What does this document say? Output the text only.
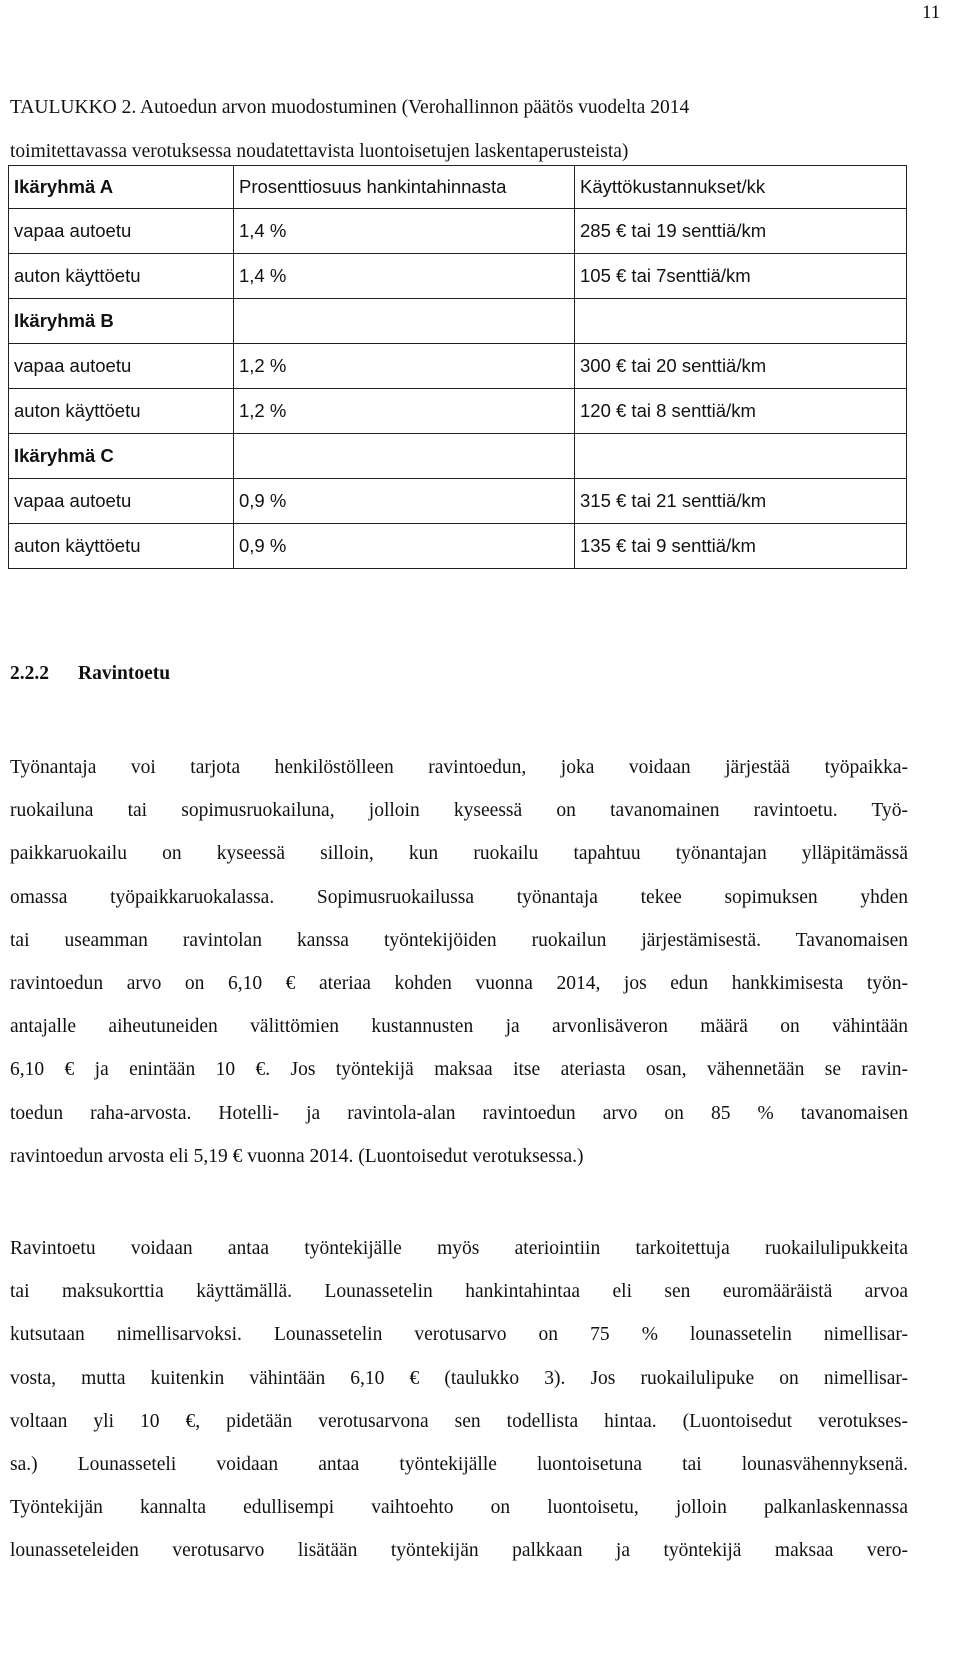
11
TAULUKKO 2. Autoedun arvon muodostuminen (Verohallinnon päätös vuodelta 2014
toimitettavassa verotuksessa noudatettavista luontoisetujen laskentaperusteista)
Ikäryhmä A	Prosenttiosuus hankintahinnasta	Käyttökustannukset/kk
vapaa autoetu	1,4 %	285 € tai 19 senttiä/km
auton käyttöetu	1,4 %	105 € tai 7senttiä/km
Ikäryhmä B		
vapaa autoetu	1,2 %	300 € tai 20 senttiä/km
auton käyttöetu	1,2 %	120 € tai 8 senttiä/km
Ikäryhmä C		
vapaa autoetu	0,9 %	315 € tai 21 senttiä/km
auton käyttöetu	0,9 %	135 € tai 9 senttiä/km
2.2.2 Ravintoetu
Työnantaja voi tarjota henkilöstölleen ravintoedun, joka voidaan järjestää työpaikka-
ruokailuna tai sopimusruokailuna, jolloin kyseessä on tavanomainen ravintoetu. Työ-
paikkaruokailu on kyseessä silloin, kun ruokailu tapahtuu työnantajan ylläpitämässä
omassa työpaikkaruokalassa. Sopimusruokailussa työnantaja tekee sopimuksen yhden
tai useamman ravintolan kanssa työntekijöiden ruokailun järjestämisestä. Tavanomaisen
ravintoedun arvo on 6,10 € ateriaa kohden vuonna 2014, jos edun hankkimisesta työn-
antajalle aiheutuneiden välittömien kustannusten ja arvonlisäveron määrä on vähintään
6,10 € ja enintään 10 €. Jos työntekijä maksaa itse ateriasta osan, vähennetään se ravin-
toedun raha-arvosta. Hotelli- ja ravintola-alan ravintoedun arvo on 85 % tavanomaisen
ravintoedun arvosta eli 5,19 € vuonna 2014. (Luontoisedut verotuksessa.)
Ravintoetu voidaan antaa työntekijälle myös ateriointiin tarkoitettuja ruokailulipukkeita
tai maksukorttia käyttämällä. Lounassetelin hankintahintaa eli sen euromääräistä arvoa
kutsutaan nimellisarvoksi. Lounassetelin verotusarvo on 75 % lounassetelin nimellisar-
vosta, mutta kuitenkin vähintään 6,10 € (taulukko 3). Jos ruokailulipuke on nimellisar-
voltaan yli 10 €, pidetään verotusarvona sen todellista hintaa. (Luontoisedut verotukses-
sa.) Lounasseteli voidaan antaa työntekijälle luontoisetuna tai lounasvähennyksenä.
Työntekijän kannalta edullisempi vaihtoehto on luontoisetu, jolloin palkanlaskennassa
lounasseteleiden verotusarvo lisätään työntekijän palkkaan ja työntekijä maksaa vero-
